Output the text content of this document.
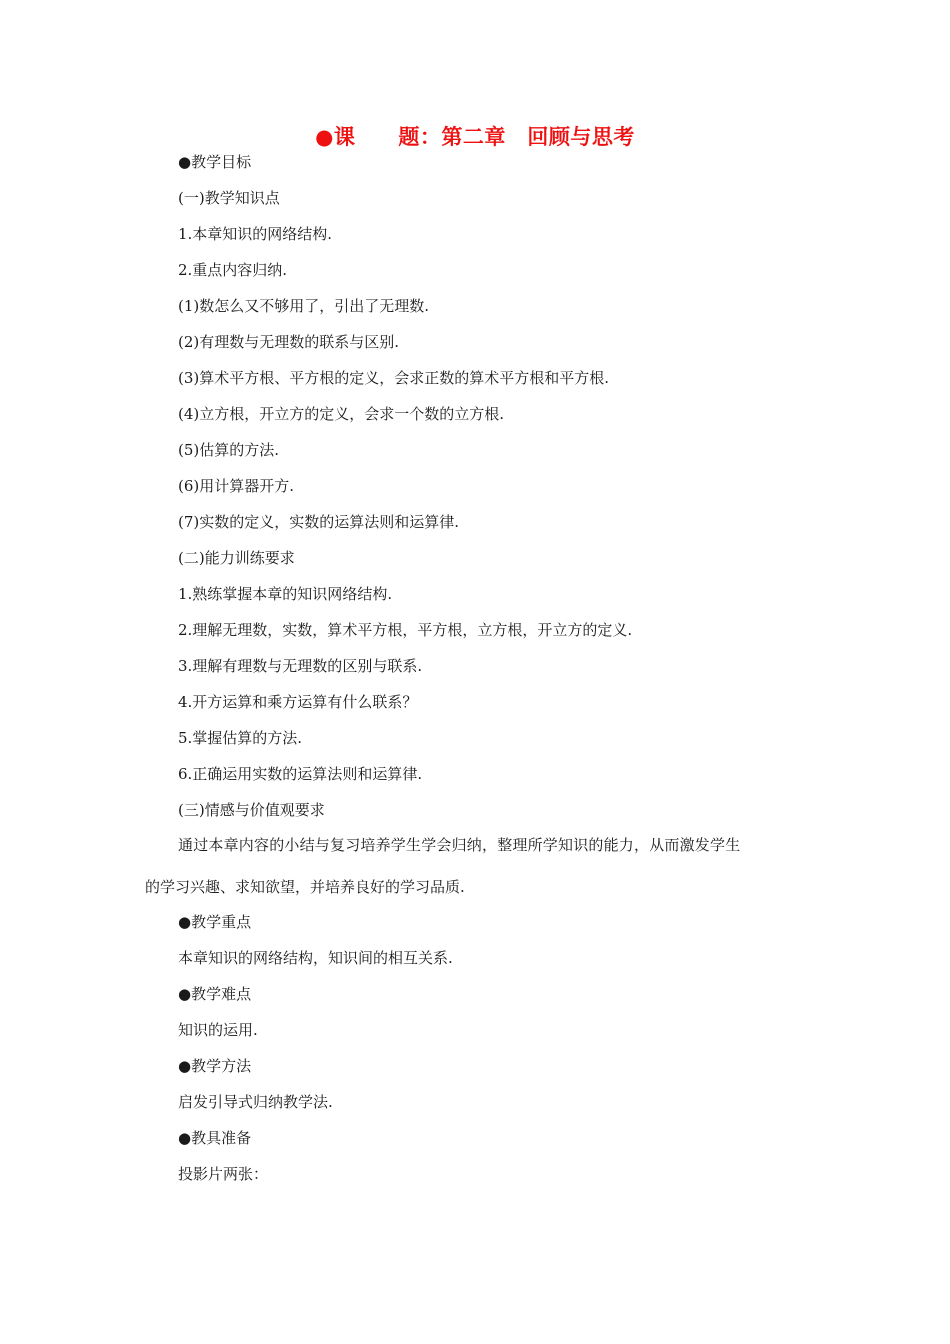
●课　　题：第二章　回顾与思考
●教学目标
(一)教学知识点
1.本章知识的网络结构.
2.重点内容归纳.
(1)数怎么又不够用了，引出了无理数.
(2)有理数与无理数的联系与区别.
(3)算术平方根、平方根的定义，会求正数的算术平方根和平方根.
(4)立方根，开立方的定义，会求一个数的立方根.
(5)估算的方法.
(6)用计算器开方.
(7)实数的定义，实数的运算法则和运算律.
(二)能力训练要求
1.熟练掌握本章的知识网络结构.
2.理解无理数，实数，算术平方根，平方根，立方根，开立方的定义.
3.理解有理数与无理数的区别与联系.
4.开方运算和乘方运算有什么联系？
5.掌握估算的方法.
6.正确运用实数的运算法则和运算律.
(三)情感与价值观要求
通过本章内容的小结与复习培养学生学会归纳，整理所学知识的能力，从而激发学生
的学习兴趣、求知欲望，并培养良好的学习品质.
●教学重点
本章知识的网络结构，知识间的相互关系.
●教学难点
知识的运用.
●教学方法
启发引导式归纳教学法.
●教具准备
投影片两张：
